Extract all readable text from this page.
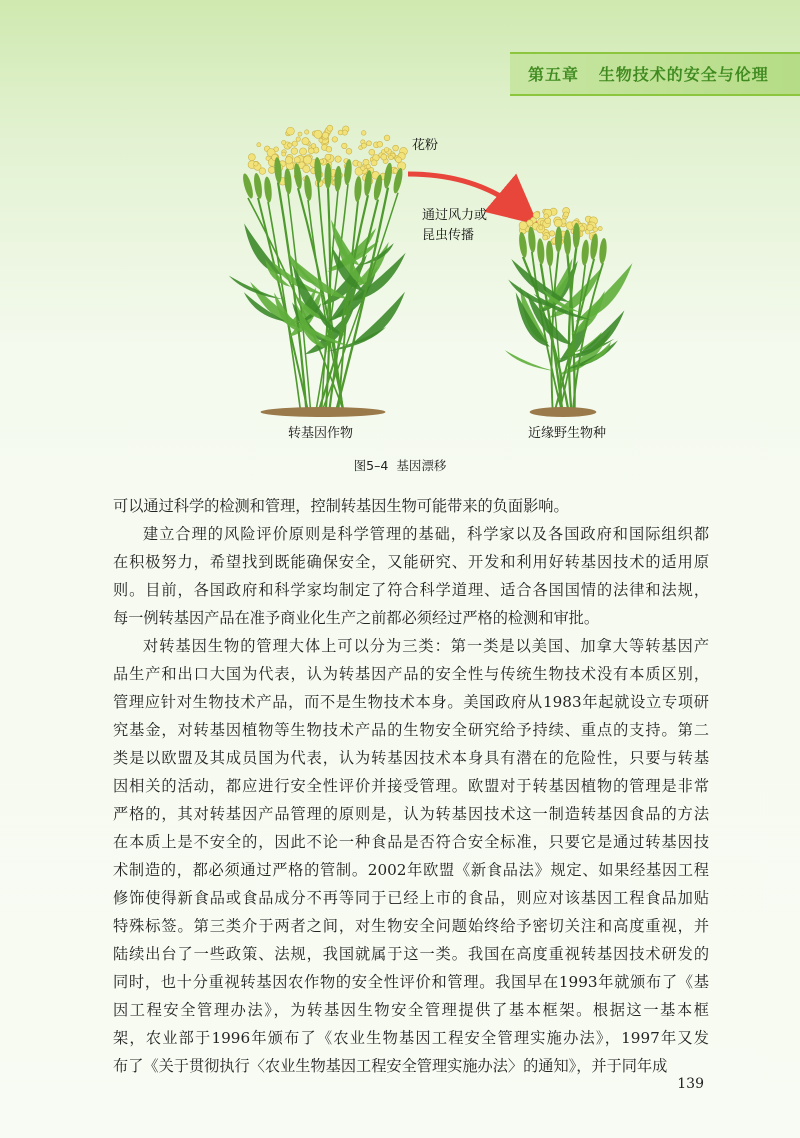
第五章 生物技术的安全与伦理
花粉
通过风力或
昆虫传播
转基因作物	近缘野生物种
图5–4 基因漂移
可以通过科学的检测和管理，控制转基因生物可能带来的负面影响。
建立合理的风险评价原则是科学管理的基础，科学家以及各国政府和国际组织都
在积极努力，希望找到既能确保安全，又能研究、开发和利用好转基因技术的适用原
则。目前，各国政府和科学家均制定了符合科学道理、适合各国国情的法律和法规，
每一例转基因产品在准予商业化生产之前都必须经过严格的检测和审批。
对转基因生物的管理大体上可以分为三类：第一类是以美国、加拿大等转基因产
品生产和出口大国为代表，认为转基因产品的安全性与传统生物技术没有本质区别，
管理应针对生物技术产品，而不是生物技术本身。美国政府从1983年起就设立专项研
究基金，对转基因植物等生物技术产品的生物安全研究给予持续、重点的支持。第二
类是以欧盟及其成员国为代表，认为转基因技术本身具有潜在的危险性，只要与转基
因相关的活动，都应进行安全性评价并接受管理。欧盟对于转基因植物的管理是非常
严格的，其对转基因产品管理的原则是，认为转基因技术这一制造转基因食品的方法
在本质上是不安全的，因此不论一种食品是否符合安全标准，只要它是通过转基因技
术制造的，都必须通过严格的管制。2002年欧盟《新食品法》规定、如果经基因工程
修饰使得新食品或食品成分不再等同于已经上市的食品，则应对该基因工程食品加贴
特殊标签。第三类介于两者之间，对生物安全问题始终给予密切关注和高度重视，并
陆续出台了一些政策、法规，我国就属于这一类。我国在高度重视转基因技术研发的
同时，也十分重视转基因农作物的安全性评价和管理。我国早在1993年就颁布了《基
因工程安全管理办法》，为转基因生物安全管理提供了基本框架。根据这一基本框
架，农业部于1996年颁布了《农业生物基因工程安全管理实施办法》，1997年又发
布了《关于贯彻执行〈农业生物基因工程安全管理实施办法〉的通知》，并于同年成
139
